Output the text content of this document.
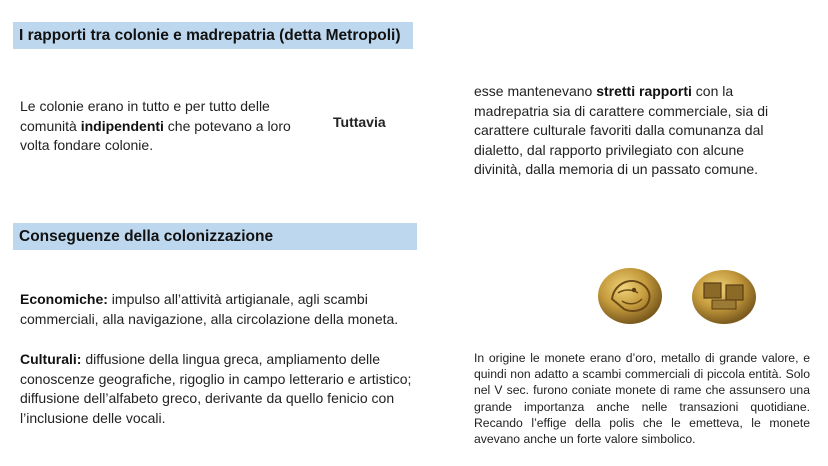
I rapporti tra colonie e madrepatria (detta Metropoli)
Le colonie erano in tutto e per tutto delle comunità indipendenti che potevano a loro volta fondare colonie.
Tuttavia
esse mantenevano stretti rapporti con la madrepatria sia di carattere commerciale, sia di carattere culturale favoriti dalla comunanza dal dialetto, dal rapporto privilegiato con alcune divinità, dalla memoria di un passato comune.
Conseguenze della colonizzazione
Economiche: impulso all’attività artigianale, agli scambi commerciali, alla navigazione, alla circolazione della moneta.
Culturali: diffusione della lingua greca, ampliamento delle conoscenze geografiche, rigoglio in campo letterario e artistico; diffusione dell’alfabeto greco, derivante da quello fenicio con l’inclusione delle vocali.
In origine le monete erano d’oro, metallo di grande valore, e quindi non adatto a scambi commerciali di piccola entità. Solo nel V sec. furono coniate monete di rame che assunsero una grande importanza anche nelle transazioni quotidiane. Recando l’effige della polis che le emetteva, le monete avevano anche un forte valore simbolico.
